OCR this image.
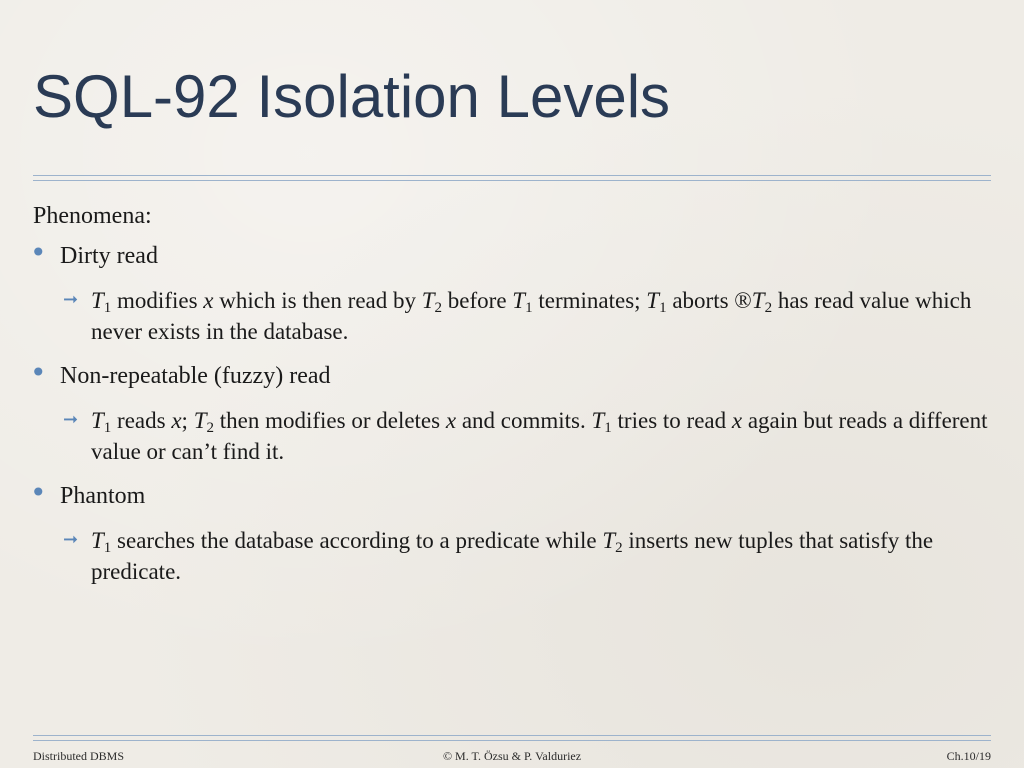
SQL-92 Isolation Levels

Phenomena:

• Dirty read
➞ $T_1$ modifies x which is then read by $T_2$ before $T_1$ terminates; $T_1$ aborts $®T_2$ has read value which never exists in the database.
• Non-repeatable (fuzzy) read
➞ $T_1$ reads x; $T_2$ then modifies or deletes x and commits. $T_1$ tries to read x again but reads a different value or can’t find it.
• Phantom
➞ $T_1$ searches the database according to a predicate while $T_2$ inserts new tuples that satisfy the predicate.
Distributed DBMS	© M. T. Özsu & P. Valduriez	Ch.10/19
